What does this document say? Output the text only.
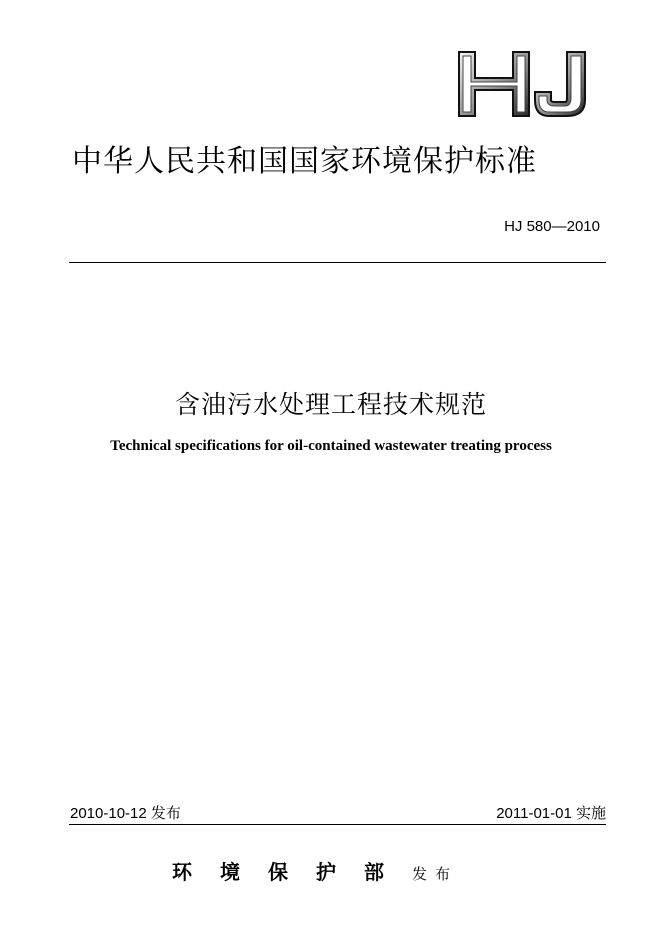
中华人民共和国国家环境保护标准
HJ 580—2010
含油污水处理工程技术规范
Technical specifications for oil-contained wastewater treating process
2010-10-12 发布	2011-01-01 实施
环境保护部发布
